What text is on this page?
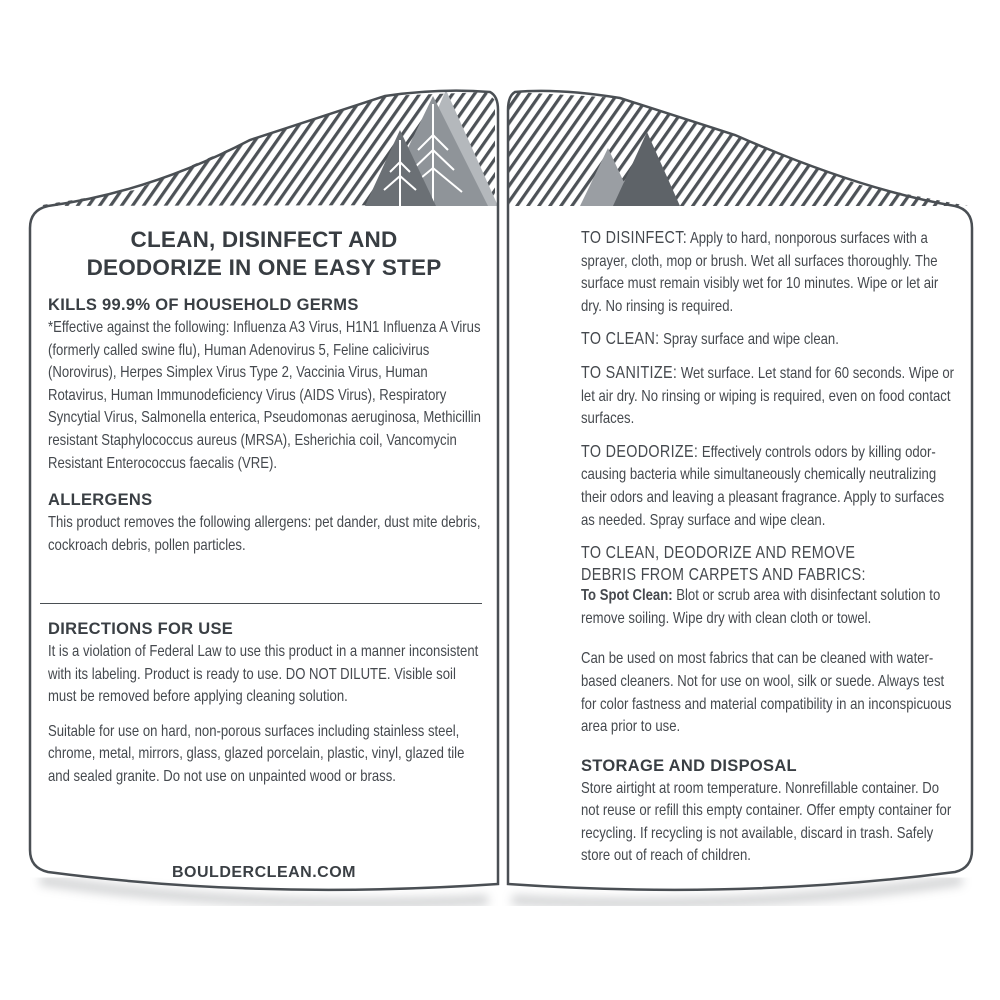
CLEAN, DISINFECT AND
DEODORIZE IN ONE EASY STEP
KILLS 99.9% OF HOUSEHOLD GERMS
*Effective against the following: Influenza A3 Virus, H1N1 Influenza A Virus (formerly called swine flu), Human Adenovirus 5, Feline calicivirus (Norovirus), Herpes Simplex Virus Type 2, Vaccinia Virus, Human Rotavirus, Human Immunodeficiency Virus (AIDS Virus), Respiratory Syncytial Virus, Salmonella enterica, Pseudomonas aeruginosa, Methicillin resistant Staphylococcus aureus (MRSA), Esherichia coil, Vancomycin Resistant Enterococcus faecalis (VRE).
ALLERGENS
This product removes the following allergens: pet dander, dust mite debris, cockroach debris, pollen particles.
DIRECTIONS FOR USE
It is a violation of Federal Law to use this product in a manner inconsistent with its labeling. Product is ready to use. DO NOT DILUTE. Visible soil must be removed before applying cleaning solution.
Suitable for use on hard, non-porous surfaces including stainless steel, chrome, metal, mirrors, glass, glazed porcelain, plastic, vinyl, glazed tile and sealed granite. Do not use on unpainted wood or brass.
BOULDERCLEAN.COM
TO DISINFECT: Apply to hard, nonporous surfaces with a sprayer, cloth, mop or brush. Wet all surfaces thoroughly. The surface must remain visibly wet for 10 minutes. Wipe or let air dry. No rinsing is required.
TO CLEAN: Spray surface and wipe clean.
TO SANITIZE: Wet surface. Let stand for 60 seconds. Wipe or let air dry. No rinsing or wiping is required, even on food contact surfaces.
TO DEODORIZE: Effectively controls odors by killing odor-causing bacteria while simultaneously chemically neutralizing their odors and leaving a pleasant fragrance. Apply to surfaces as needed. Spray surface and wipe clean.
TO CLEAN, DEODORIZE AND REMOVE
DEBRIS FROM CARPETS AND FABRICS:
To Spot Clean: Blot or scrub area with disinfectant solution to remove soiling. Wipe dry with clean cloth or towel.
Can be used on most fabrics that can be cleaned with water-based cleaners. Not for use on wool, silk or suede. Always test for color fastness and material compatibility in an inconspicuous area prior to use.
STORAGE AND DISPOSAL
Store airtight at room temperature. Nonrefillable container. Do not reuse or refill this empty container. Offer empty container for recycling. If recycling is not available, discard in trash. Safely store out of reach of children.
